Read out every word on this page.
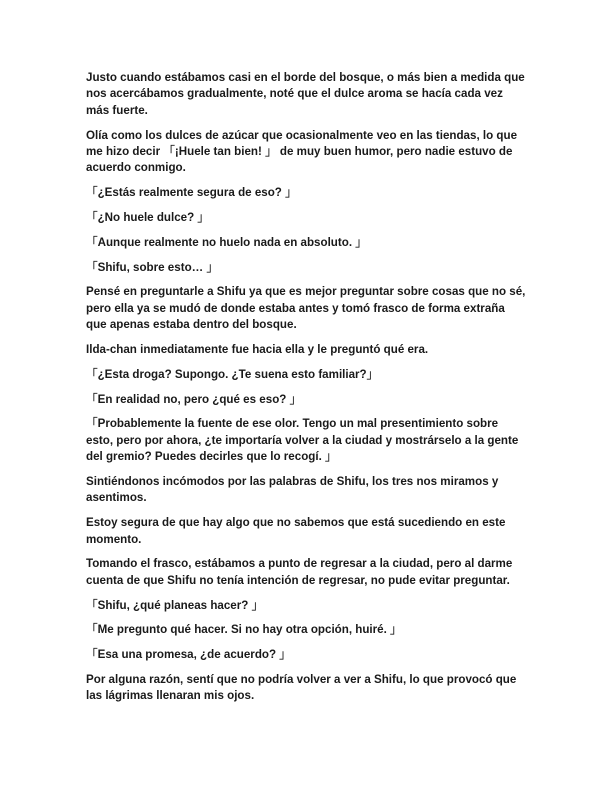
Justo cuando estábamos casi en el borde del bosque, o más bien a medida que nos acercábamos gradualmente, noté que el dulce aroma se hacía cada vez más fuerte.

Olía como los dulces de azúcar que ocasionalmente veo en las tiendas, lo que me hizo decir 「¡Huele tan bien! 」 de muy buen humor, pero nadie estuvo de acuerdo conmigo.

「¿Estás realmente segura de eso? 」

「¿No huele dulce? 」

「Aunque realmente no huelo nada en absoluto. 」

「Shifu, sobre esto… 」

Pensé en preguntarle a Shifu ya que es mejor preguntar sobre cosas que no sé, pero ella ya se mudó de donde estaba antes y tomó frasco de forma extraña que apenas estaba dentro del bosque.

Ilda-chan inmediatamente fue hacia ella y le preguntó qué era.

「¿Esta droga? Supongo. ¿Te suena esto familiar?」

「En realidad no, pero ¿qué es eso? 」

「Probablemente la fuente de ese olor. Tengo un mal presentimiento sobre esto, pero por ahora, ¿te importaría volver a la ciudad y mostrárselo a la gente del gremio? Puedes decirles que lo recogí. 」

Sintiéndonos incómodos por las palabras de Shifu, los tres nos miramos y asentimos.

Estoy segura de que hay algo que no sabemos que está sucediendo en este momento.

Tomando el frasco, estábamos a punto de regresar a la ciudad, pero al darme cuenta de que Shifu no tenía intención de regresar, no pude evitar preguntar.

「Shifu, ¿qué planeas hacer? 」

「Me pregunto qué hacer. Si no hay otra opción, huiré. 」

「Esa una promesa, ¿de acuerdo? 」

Por alguna razón, sentí que no podría volver a ver a Shifu, lo que provocó que las lágrimas llenaran mis ojos.
